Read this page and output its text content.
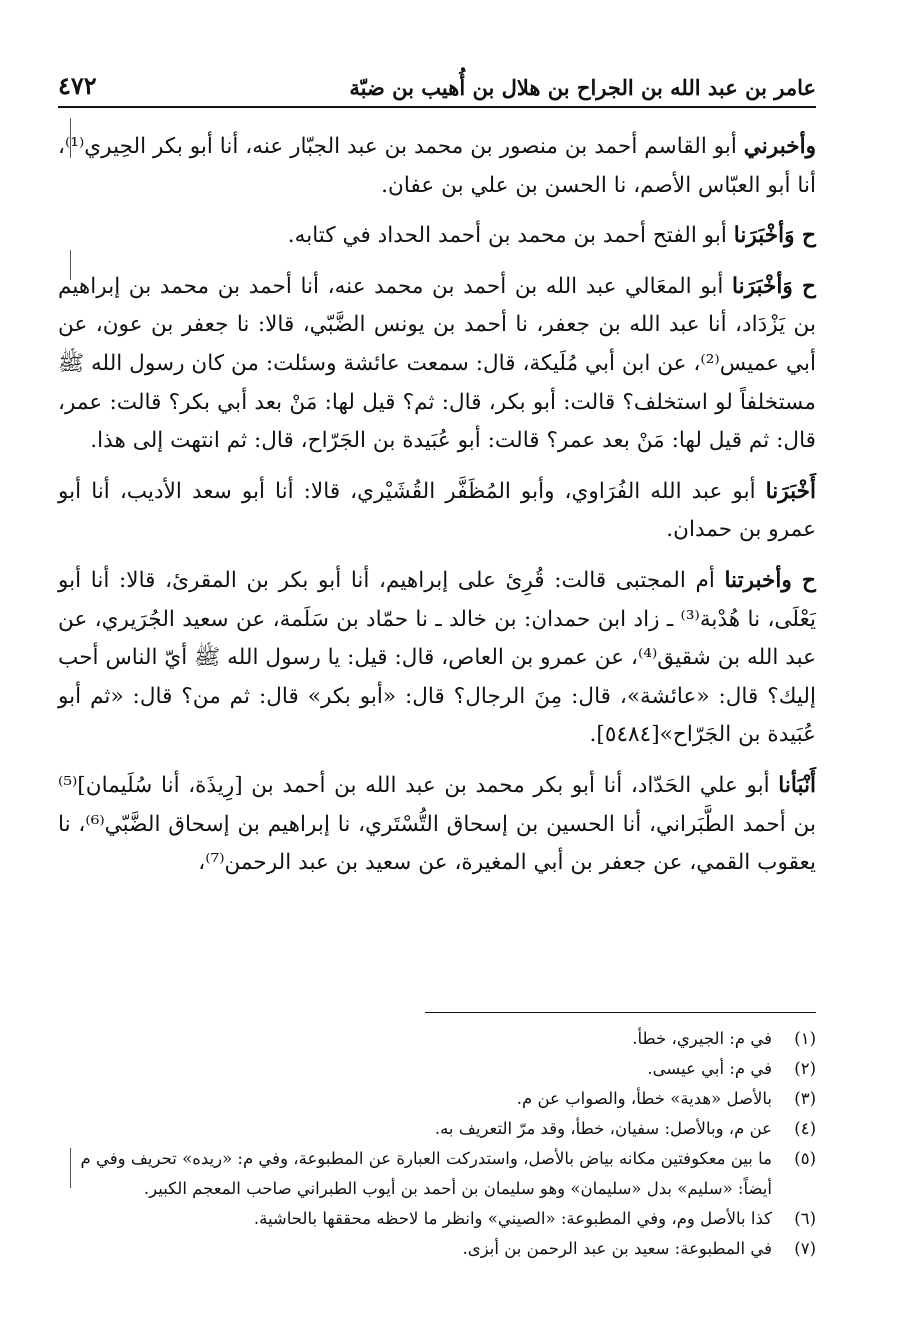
عامر بن عبد الله بن الجراح بن هلال بن أُهيب بن ضبّة
٤٧٢

وأخبرني أبو القاسم أحمد بن منصور بن محمد بن عبد الجبّار عنه، أنا أبو بكر الحِيري⁽¹⁾، أنا أبو العبّاس الأصم، نا الحسن بن علي بن عفان.

ح وَأخْبَرَنا أبو الفتح أحمد بن محمد بن أحمد الحداد في كتابه.

ح وَأخْبَرَنا أبو المعَالي عبد الله بن أحمد بن محمد عنه، أنا أحمد بن محمد بن إبراهيم بن يَزْدَاد، أنا عبد الله بن جعفر، نا أحمد بن يونس الضَّبّي، قالا: نا جعفر بن عون، عن أبي عميس⁽²⁾، عن ابن أبي مُلَيكة، قال: سمعت عائشة وسئلت: من كان رسول الله ﷺ مستخلفاً لو استخلف؟ قالت: أبو بكر، قال: ثم؟ قيل لها: مَنْ بعد أبي بكر؟ قالت: عمر، قال: ثم قيل لها: مَنْ بعد عمر؟ قالت: أبو عُبَيدة بن الجَرّاح، قال: ثم انتهت إلى هذا.

أَخْبَرَنا أبو عبد الله الفُرَاوي، وأبو المُظَفَّر القُشَيْري، قالا: أنا أبو سعد الأديب، أنا أبو عمرو بن حمدان.

ح وأخبرتنا أم المجتبى قالت: قُرِئ على إبراهيم، أنا أبو بكر بن المقرئ، قالا: أنا أبو يَعْلَى، نا هُدْبة⁽³⁾ ـ زاد ابن حمدان: بن خالد ـ نا حمّاد بن سَلَمة، عن سعيد الجُرَيري، عن عبد الله بن شقيق⁽⁴⁾، عن عمرو بن العاص، قال: قيل: يا رسول الله ﷺ أيّ الناس أحب إليك؟ قال: «عائشة»، قال: مِنَ الرجال؟ قال: «أبو بكر» قال: ثم من؟ قال: «ثم أبو عُبَيدة بن الجَرّاح»[٥٤٨٤].

أَنْبَأنا أبو علي الحَدّاد، أنا أبو بكر محمد بن عبد الله بن أحمد بن [رِيذَة، أنا سُلَيمان]⁽⁵⁾ بن أحمد الطَّبَراني، أنا الحسين بن إسحاق التُّسْتَري، نا إبراهيم بن إسحاق الضَّبّي⁽⁶⁾، نا يعقوب القمي، عن جعفر بن أبي المغيرة، عن سعيد بن عبد الرحمن⁽⁷⁾،

(١)
في م: الجيري، خطأ.
(٢)
في م: أبي عيسى.
(٣)
بالأصل «هدية» خطأ، والصواب عن م.
(٤)
عن م، وبالأصل: سفيان، خطأ، وقد مرّ التعريف به.
(٥)
ما بين معكوفتين مكانه بياض بالأصل، واستدركت العبارة عن المطبوعة، وفي م: «ريده» تحريف وفي م أيضاً: «سليم» بدل «سليمان» وهو سليمان بن أحمد بن أيوب الطبراني صاحب المعجم الكبير.
(٦)
كذا بالأصل وم، وفي المطبوعة: «الصيني» وانظر ما لاحظه محققها بالحاشية.
(٧)
في المطبوعة: سعيد بن عبد الرحمن بن أبزى.
